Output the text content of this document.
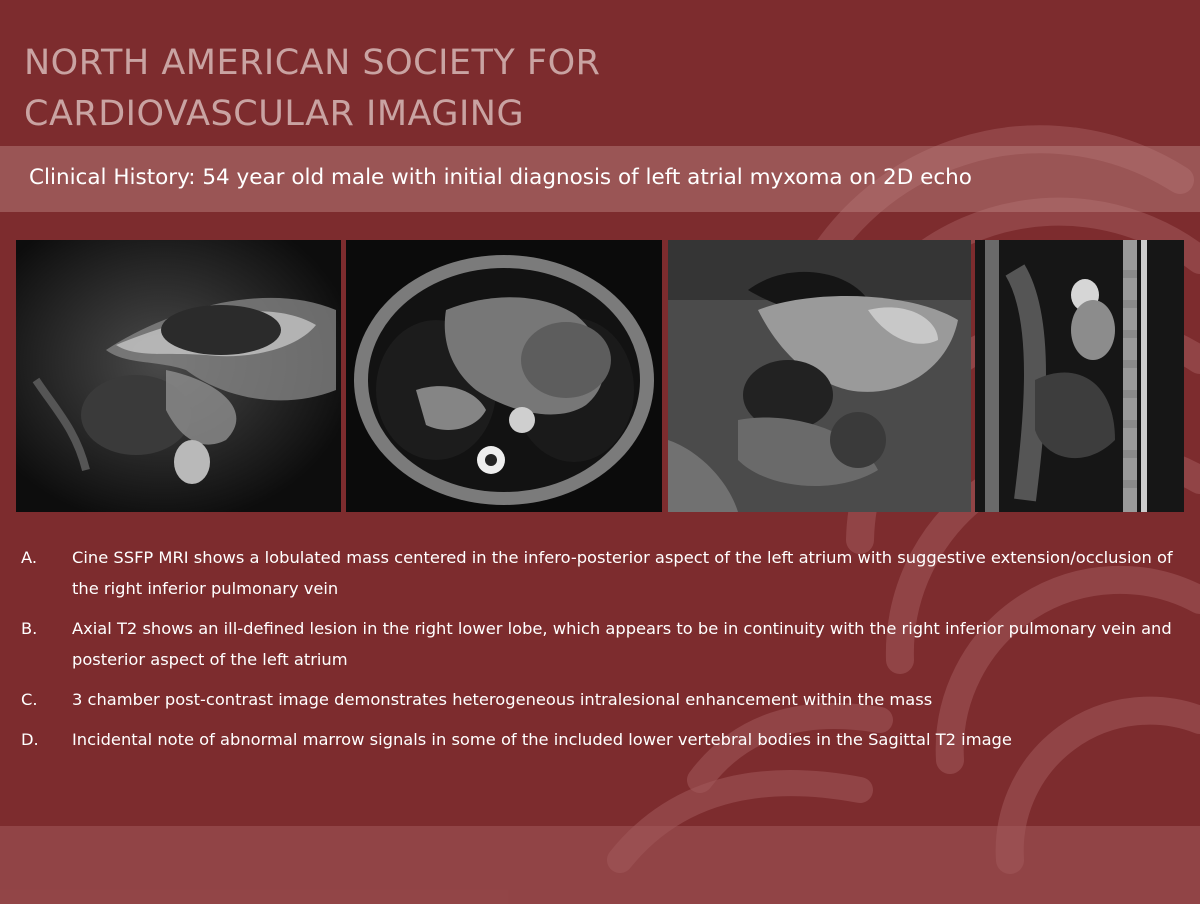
NORTH AMERICAN SOCIETY FOR
CARDIOVASCULAR IMAGING
Clinical History: 54 year old male with initial diagnosis of left atrial myxoma on 2D echo
A. Cine SSFP MRI shows a lobulated mass centered in the infero-posterior aspect of the left atrium with suggestive extension/occlusion of the right inferior pulmonary vein
B. Axial T2 shows an ill-defined lesion in the right lower lobe, which appears to be in continuity with the right inferior pulmonary vein and posterior aspect of the left atrium
C. 3 chamber post-contrast image demonstrates heterogeneous intralesional enhancement within the mass
D. Incidental note of abnormal marrow signals in some of the included lower vertebral bodies in the Sagittal T2 image
